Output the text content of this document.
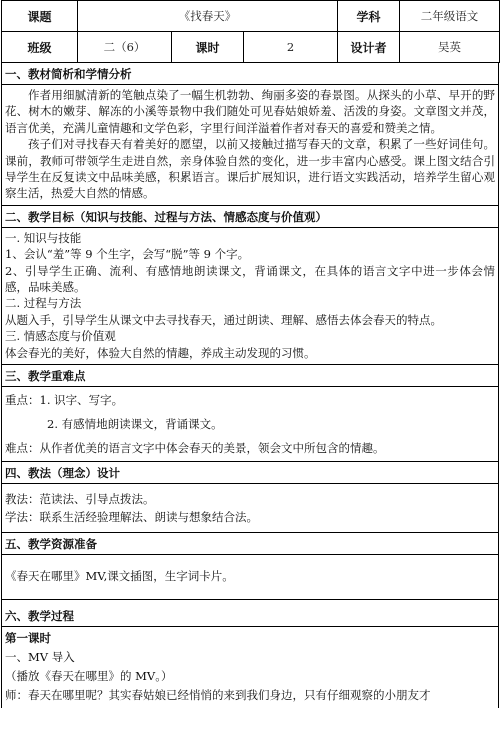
课题	《找春天》			学科	二年级语文
班级	二（6）	课时	2	设计者	吴英
一、教材简析和学情分析

作者用细腻清新的笔触点染了一幅生机勃勃、绚丽多姿的春景图。从探头的小草、早开的野花、树木的嫩芽、解冻的小溪等景物中我们随处可见春姑娘娇羞、活泼的身姿。文章图文并茂，语言优美，充满儿童情趣和文学色彩，字里行间洋溢着作者对春天的喜爱和赞美之情。

孩子们对寻找春天有着美好的愿望，以前又接触过描写春天的文章，积累了一些好词佳句。课前，教师可带领学生走进自然，亲身体验自然的变化，进一步丰富内心感受。课上图文结合引导学生在反复读文中品味美感，积累语言。课后扩展知识，进行语文实践活动，培养学生留心观察生活，热爱大自然的情感。

二、教学目标（知识与技能、过程与方法、情感态度与价值观）

一. 知识与技能

1、会认“羞”等 9 个生字，会写“脱”等 9 个字。

2、引导学生正确、流利、有感情地朗读课文，背诵课文，在具体的语言文字中进一步体会情感，品味美感。

二. 过程与方法

从题入手，引导学生从课文中去寻找春天，通过朗读、理解、感悟去体会春天的特点。

三. 情感态度与价值观

体会春光的美好，体验大自然的情趣，养成主动发现的习惯。

三、教学重难点

重点：1. 识字、写字。

2. 有感情地朗读课文，背诵课文。

难点：从作者优美的语言文字中体会春天的美景，领会文中所包含的情趣。

四、教法（理念）设计

教法：范读法、引导点拨法。

学法：联系生活经验理解法、朗读与想象结合法。

五、教学资源准备

《春天在哪里》MV,课文插图，生字词卡片。

六、教学过程

第一课时

一、MV 导入

（播放《春天在哪里》的 MV。）

师：春天在哪里呢？其实春姑娘已经悄悄的来到我们身边，只有仔细观察的小朋友才
